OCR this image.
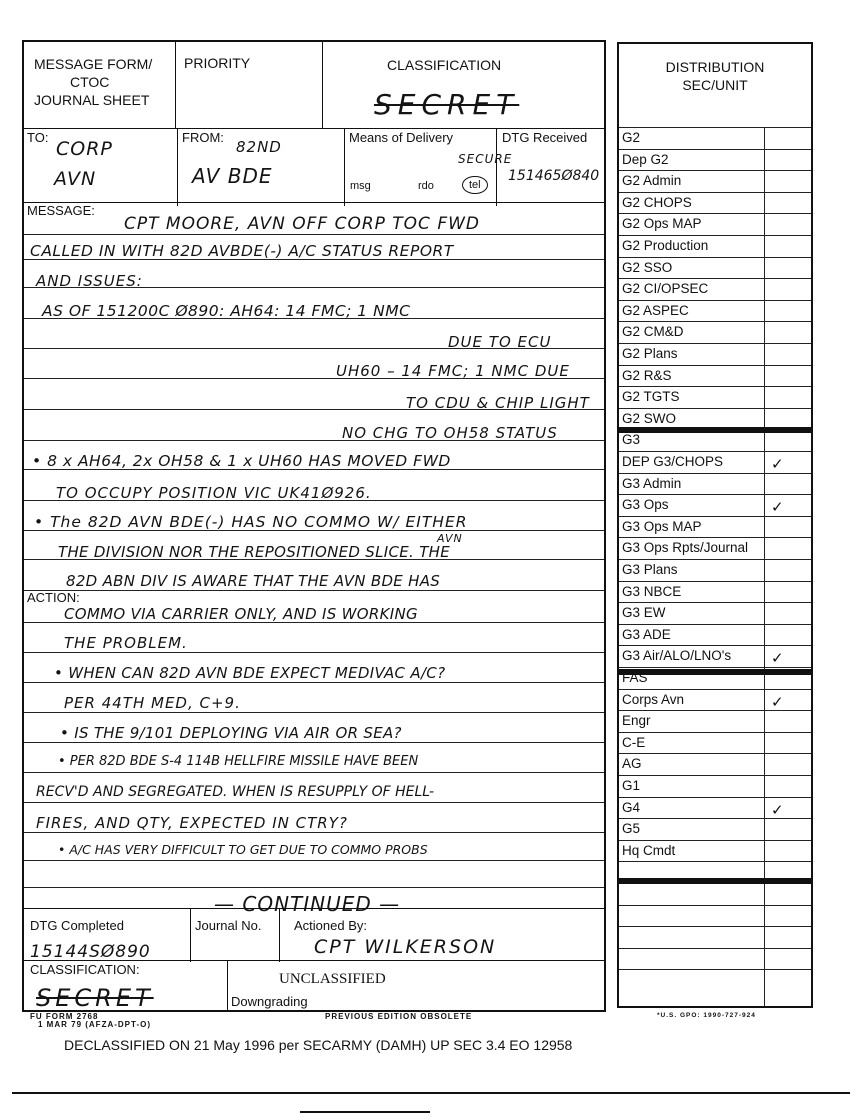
MESSAGE FORM/
CTOC
JOURNAL SHEET
PRIORITY	CLASSIFICATION
SECRET
TO:
CORP
AVN
FROM:
82ND
AV BDE
Means of Delivery
SECURE
msg	rdo	tel
DTG Received
151465Ø840
MESSAGE:
CPT MOORE, AVN OFF CORP TOC FWD
CALLED IN WITH 82D AVBDE(-) A/C STATUS REPORT
AND ISSUES:
AS OF 151200C Ø890: AH64: 14 FMC; 1 NMC
DUE TO ECU
UH60 – 14 FMC; 1 NMC DUE
TO CDU & CHIP LIGHT
NO CHG TO OH58 STATUS
• 8 x AH64, 2x OH58 & 1 x UH60 HAS MOVED FWD
TO OCCUPY POSITION VIC UK41Ø926.
• The 82D AVN BDE(-) HAS NO COMMO W/ EITHER
AVN
THE DIVISION NOR THE REPOSITIONED SLICE. THE
82D ABN DIV IS AWARE THAT THE AVN BDE HAS
ACTION:
COMMO VIA CARRIER ONLY, AND IS WORKING
THE PROBLEM.
• WHEN CAN 82D AVN BDE EXPECT MEDIVAC A/C?
PER 44TH MED, C+9.
• IS THE 9/101 DEPLOYING VIA AIR OR SEA?
• PER 82D BDE S-4 114B HELLFIRE MISSILE HAVE BEEN
RECV'D AND SEGREGATED. WHEN IS RESUPPLY OF HELL-
FIRES, AND QTY, EXPECTED IN CTRY?
• A/C HAS VERY DIFFICULT TO GET DUE TO COMMO PROBS
— CONTINUED —
DTG Completed
15144SØ890
Journal No.	Actioned By:
CPT WILKERSON
CLASSIFICATION:
SECRET
UNCLASSIFIED
Downgrading
DISTRIBUTION
SEC/UNIT
G2
Dep G2
G2 Admin
G2 CHOPS
G2 Ops MAP
G2 Production
G2 SSO
G2 CI/OPSEC
G2 ASPEC
G2 CM&D
G2 Plans
G2 R&S
G2 TGTS
G2 SWO
G3
DEP G3/CHOPS	✓
G3 Admin
G3 Ops	✓
G3 Ops MAP
G3 Ops Rpts/Journal
G3 Plans
G3 NBCE
G3 EW
G3 ADE
G3 Air/ALO/LNO's	✓
FAS
Corps Avn	✓
Engr
C-E
AG
G1
G4	✓
G5
Hq Cmdt
FU FORM 2768
1 MAR 79 (AFZA-DPT-O)
PREVIOUS EDITION OBSOLETE	*U.S. GPO: 1990-727-924
DECLASSIFIED ON 21 May 1996 per SECARMY (DAMH) UP SEC 3.4 EO 12958
